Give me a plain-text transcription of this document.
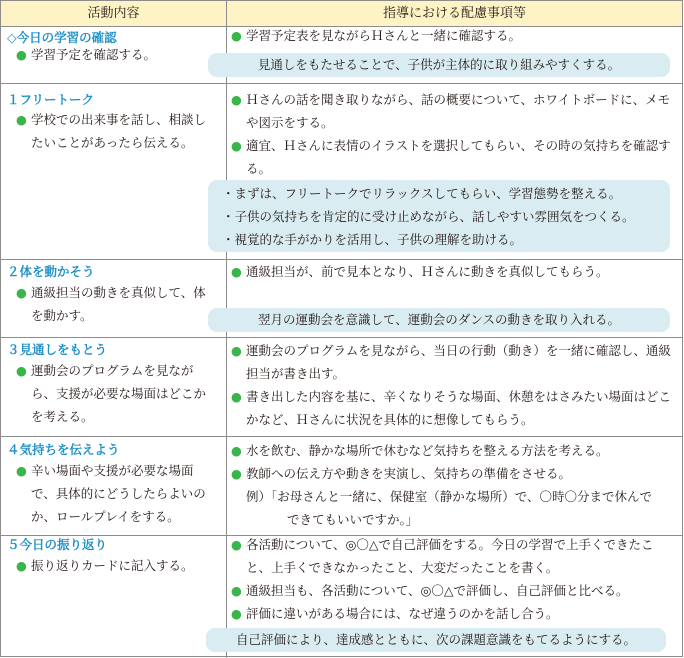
活動内容	指導における配慮事項等
◇今日の学習の確認
● 学習予定を確認する。
● 学習予定表を見ながらＨさんと一緒に確認する。
見通しをもたせることで、子供が主体的に取り組みやすくする。
１フリートーク
● 学校での出来事を話し、相談したいことがあったら伝える。
● Ｈさんの話を聞き取りながら、話の概要について、ホワイトボードに、メモや図示をする。
● 適宜、Ｈさんに表情のイラストを選択してもらい、その時の気持ちを確認する。
・まずは、フリートークでリラックスしてもらい、学習態勢を整える。
・子供の気持ちを肯定的に受け止めながら、話しやすい雰囲気をつくる。
・視覚的な手がかりを活用し、子供の理解を助ける。
２体を動かそう
● 通級担当の動きを真似して、体を動かす。
● 通級担当が、前で見本となり、Ｈさんに動きを真似してもらう。
翌月の運動会を意識して、運動会のダンスの動きを取り入れる。
３見通しをもとう
● 運動会のプログラムを見ながら、支援が必要な場面はどこかを考える。
● 運動会のプログラムを見ながら、当日の行動（動き）を一緒に確認し、通級担当が書き出す。
● 書き出した内容を基に、辛くなりそうな場面、休憩をはさみたい場面はどこかなど、Ｈさんに状況を具体的に想像してもらう。
４気持ちを伝えよう
● 辛い場面や支援が必要な場面で、具体的にどうしたらよいのか、ロールプレイをする。
● 水を飲む、静かな場所で休むなど気持ちを整える方法を考える。
● 教師への伝え方や動きを実演し、気持ちの準備をさせる。
例）「お母さんと一緒に、保健室（静かな場所）で、〇時〇分まで休んで
できてもいいですか。」
５今日の振り返り
● 振り返りカードに記入する。
● 各活動について、◎〇△で自己評価をする。今日の学習で上手くできたこと、上手くできなかったこと、大変だったことを書く。
● 通級担当も、各活動について、◎〇△で評価し、自己評価と比べる。
● 評価に違いがある場合には、なぜ違うのかを話し合う。
自己評価により、達成感とともに、次の課題意識をもてるようにする。
